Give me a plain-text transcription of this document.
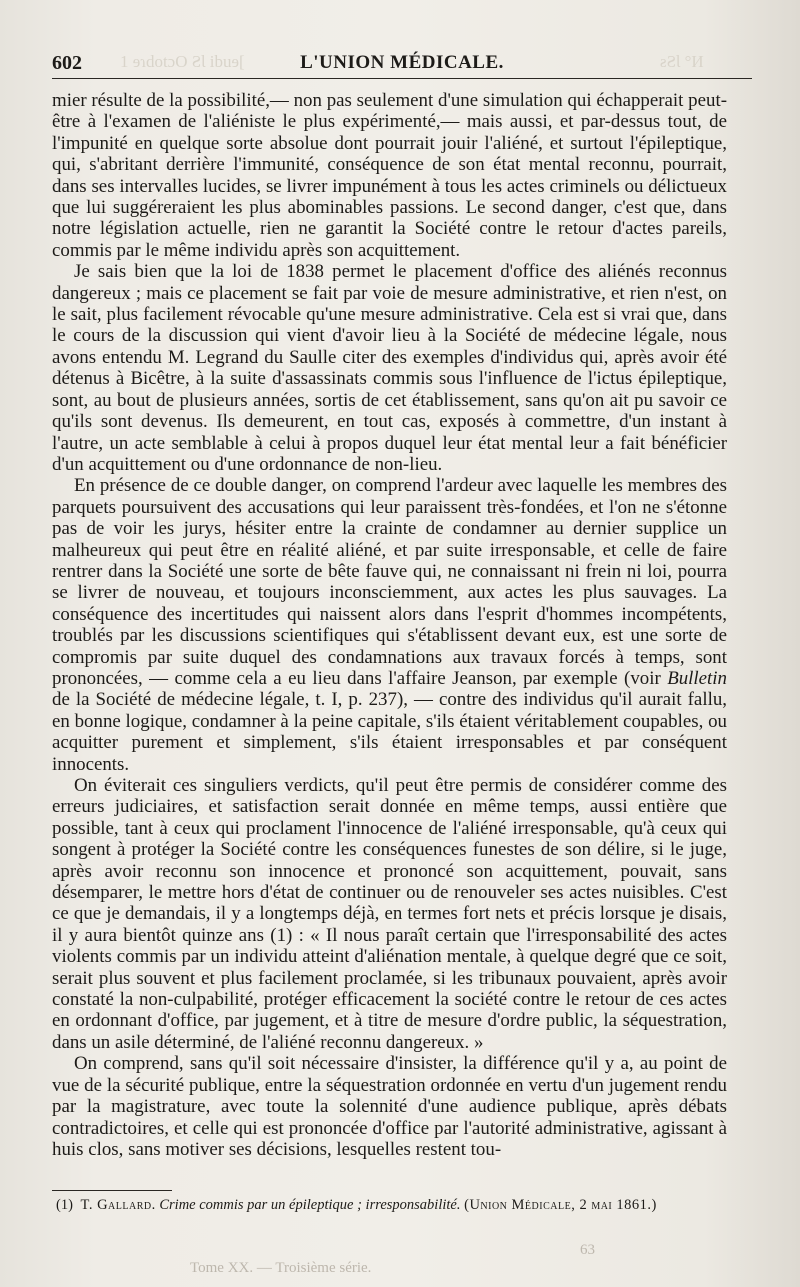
1 ɘɿdotɔO ƧƖ ibuɘ[	ƨƧƖ °И
602	L'UNION MÉDICALE.

mier résulte de la possibilité,— non pas seulement d'une simulation qui échapperait peut-être à l'examen de l'aliéniste le plus expérimenté,— mais aussi, et par-dessus tout, de l'impunité en quelque sorte absolue dont pourrait jouir l'aliéné, et surtout l'épileptique, qui, s'abritant derrière l'immunité, conséquence de son état mental reconnu, pourrait, dans ses intervalles lucides, se livrer impunément à tous les actes criminels ou délictueux que lui suggéreraient les plus abominables passions. Le second danger, c'est que, dans notre législation actuelle, rien ne garantit la Société contre le retour d'actes pareils, commis par le même individu après son acquittement.

Je sais bien que la loi de 1838 permet le placement d'office des aliénés reconnus dangereux ; mais ce placement se fait par voie de mesure administrative, et rien n'est, on le sait, plus facilement révocable qu'une mesure administrative. Cela est si vrai que, dans le cours de la discussion qui vient d'avoir lieu à la Société de médecine légale, nous avons entendu M. Legrand du Saulle citer des exemples d'individus qui, après avoir été détenus à Bicêtre, à la suite d'assassinats commis sous l'influence de l'ictus épileptique, sont, au bout de plusieurs années, sortis de cet établissement, sans qu'on ait pu savoir ce qu'ils sont devenus. Ils demeurent, en tout cas, exposés à commettre, d'un instant à l'autre, un acte semblable à celui à propos duquel leur état mental leur a fait bénéficier d'un acquittement ou d'une ordonnance de non-lieu.

En présence de ce double danger, on comprend l'ardeur avec laquelle les membres des parquets poursuivent des accusations qui leur paraissent très-fondées, et l'on ne s'étonne pas de voir les jurys, hésiter entre la crainte de condamner au dernier supplice un malheureux qui peut être en réalité aliéné, et par suite irresponsable, et celle de faire rentrer dans la Société une sorte de bête fauve qui, ne connaissant ni frein ni loi, pourra se livrer de nouveau, et toujours inconsciemment, aux actes les plus sauvages. La conséquence des incertitudes qui naissent alors dans l'esprit d'hommes incompétents, troublés par les discussions scientifiques qui s'établissent devant eux, est une sorte de compromis par suite duquel des condamnations aux travaux forcés à temps, sont prononcées, — comme cela a eu lieu dans l'affaire Jeanson, par exemple (voir Bulletin de la Société de médecine légale, t. I, p. 237), — contre des individus qu'il aurait fallu, en bonne logique, condamner à la peine capitale, s'ils étaient véritablement coupables, ou acquitter purement et simplement, s'ils étaient irresponsables et par conséquent innocents.

On éviterait ces singuliers verdicts, qu'il peut être permis de considérer comme des erreurs judiciaires, et satisfaction serait donnée en même temps, aussi entière que possible, tant à ceux qui proclament l'innocence de l'aliéné irresponsable, qu'à ceux qui songent à protéger la Société contre les conséquences funestes de son délire, si le juge, après avoir reconnu son innocence et prononcé son acquittement, pouvait, sans désemparer, le mettre hors d'état de continuer ou de renouveler ses actes nuisibles. C'est ce que je demandais, il y a longtemps déjà, en termes fort nets et précis lorsque je disais, il y aura bientôt quinze ans (1) : « Il nous paraît certain que l'irresponsabilité des actes violents commis par un individu atteint d'aliénation mentale, à quelque degré que ce soit, serait plus souvent et plus facilement proclamée, si les tribunaux pouvaient, après avoir constaté la non-culpabilité, protéger efficacement la société contre le retour de ces actes en ordonnant d'office, par jugement, et à titre de mesure d'ordre public, la séquestration, dans un asile déterminé, de l'aliéné reconnu dangereux. »

On comprend, sans qu'il soit nécessaire d'insister, la différence qu'il y a, au point de vue de la sécurité publique, entre la séquestration ordonnée en vertu d'un jugement rendu par la magistrature, avec toute la solennité d'une audience publique, après débats contradictoires, et celle qui est prononcée d'office par l'autorité administrative, agissant à huis clos, sans motiver ses décisions, lesquelles restent tou-

(1) T. Gallard. Crime commis par un épileptique ; irresponsabilité. (Union Médicale, 2 mai 1861.)
Tome XX. — Troisième série.
63
